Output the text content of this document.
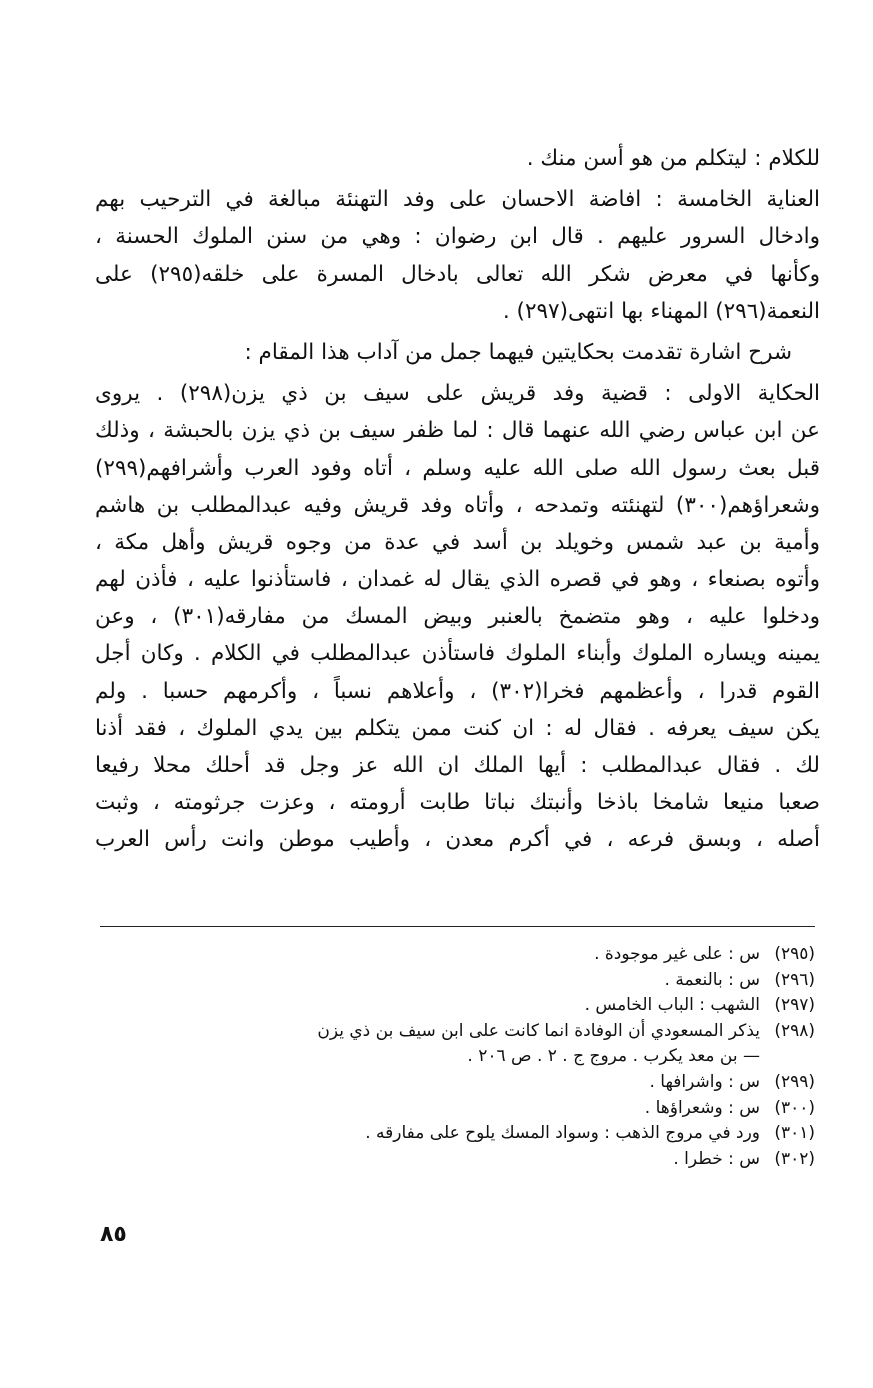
للكلام : ليتكلم من هو أسن منك .
العناية الخامسة : افاضة الاحسان على وفد التهنئة مبالغة في الترحيب بهم
وادخال السرور عليهم . قال ابن رضوان : وهي من سنن الملوك الحسنة ،
وكأنها في معرض شكر الله تعالى بادخال المسرة على خلقه(٢٩٥) على
النعمة(٢٩٦) المهناء بها انتهى(٢٩٧) .
شرح اشارة تقدمت بحكايتين فيهما جمل من آداب هذا المقام :
الحكاية الاولى : قضية وفد قريش على سيف بن ذي يزن(٢٩٨) . يروى
عن ابن عباس رضي الله عنهما قال : لما ظفر سيف بن ذي يزن بالحبشة ، وذلك
قبل بعث رسول الله صلى الله عليه وسلم ، أتاه وفود العرب وأشرافهم(٢٩٩)
وشعراؤهم(٣٠٠) لتهنئته وتمدحه ، وأتاه وفد قريش وفيه عبدالمطلب بن هاشم
وأمية بن عبد شمس وخويلد بن أسد في عدة من وجوه قريش وأهل مكة ،
وأتوه بصنعاء ، وهو في قصره الذي يقال له غمدان ، فاستأذنوا عليه ، فأذن لهم
ودخلوا عليه ، وهو متضمخ بالعنبر وبيض المسك من مفارقه(٣٠١) ، وعن
يمينه ويساره الملوك وأبناء الملوك فاستأذن عبدالمطلب في الكلام . وكان أجل
القوم قدرا ، وأعظمهم فخرا(٣٠٢) ، وأعلاهم نسباً ، وأكرمهم حسبا . ولم
يكن سيف يعرفه . فقال له : ان كنت ممن يتكلم بين يدي الملوك ، فقد أذنا
لك . فقال عبدالمطلب : أيها الملك ان الله عز وجل قد أحلك محلا رفيعا
صعبا منيعا شامخا باذخا وأنبتك نباتا طابت أرومته ، وعزت جرثومته ، وثبت
أصله ، وبسق فرعه ، في أكرم معدن ، وأطيب موطن وانت رأس العرب
(٢٩٥)
س : على غير موجودة .
(٢٩٦)
س : بالنعمة .
(٢٩٧)
الشهب : الباب الخامس .
(٢٩٨)
يذكر المسعودي أن الوفادة انما كانت على ابن سيف بن ذي يزن — بن معد يكرب . مروج ج . ٢ . ص ٢٠٦ .
(٢٩٩)
س : واشرافها .
(٣٠٠)
س : وشعراؤها .
(٣٠١)
ورد في مروج الذهب : وسواد المسك يلوح على مفارقه .
(٣٠٢)
س : خطرا .
٨٥
